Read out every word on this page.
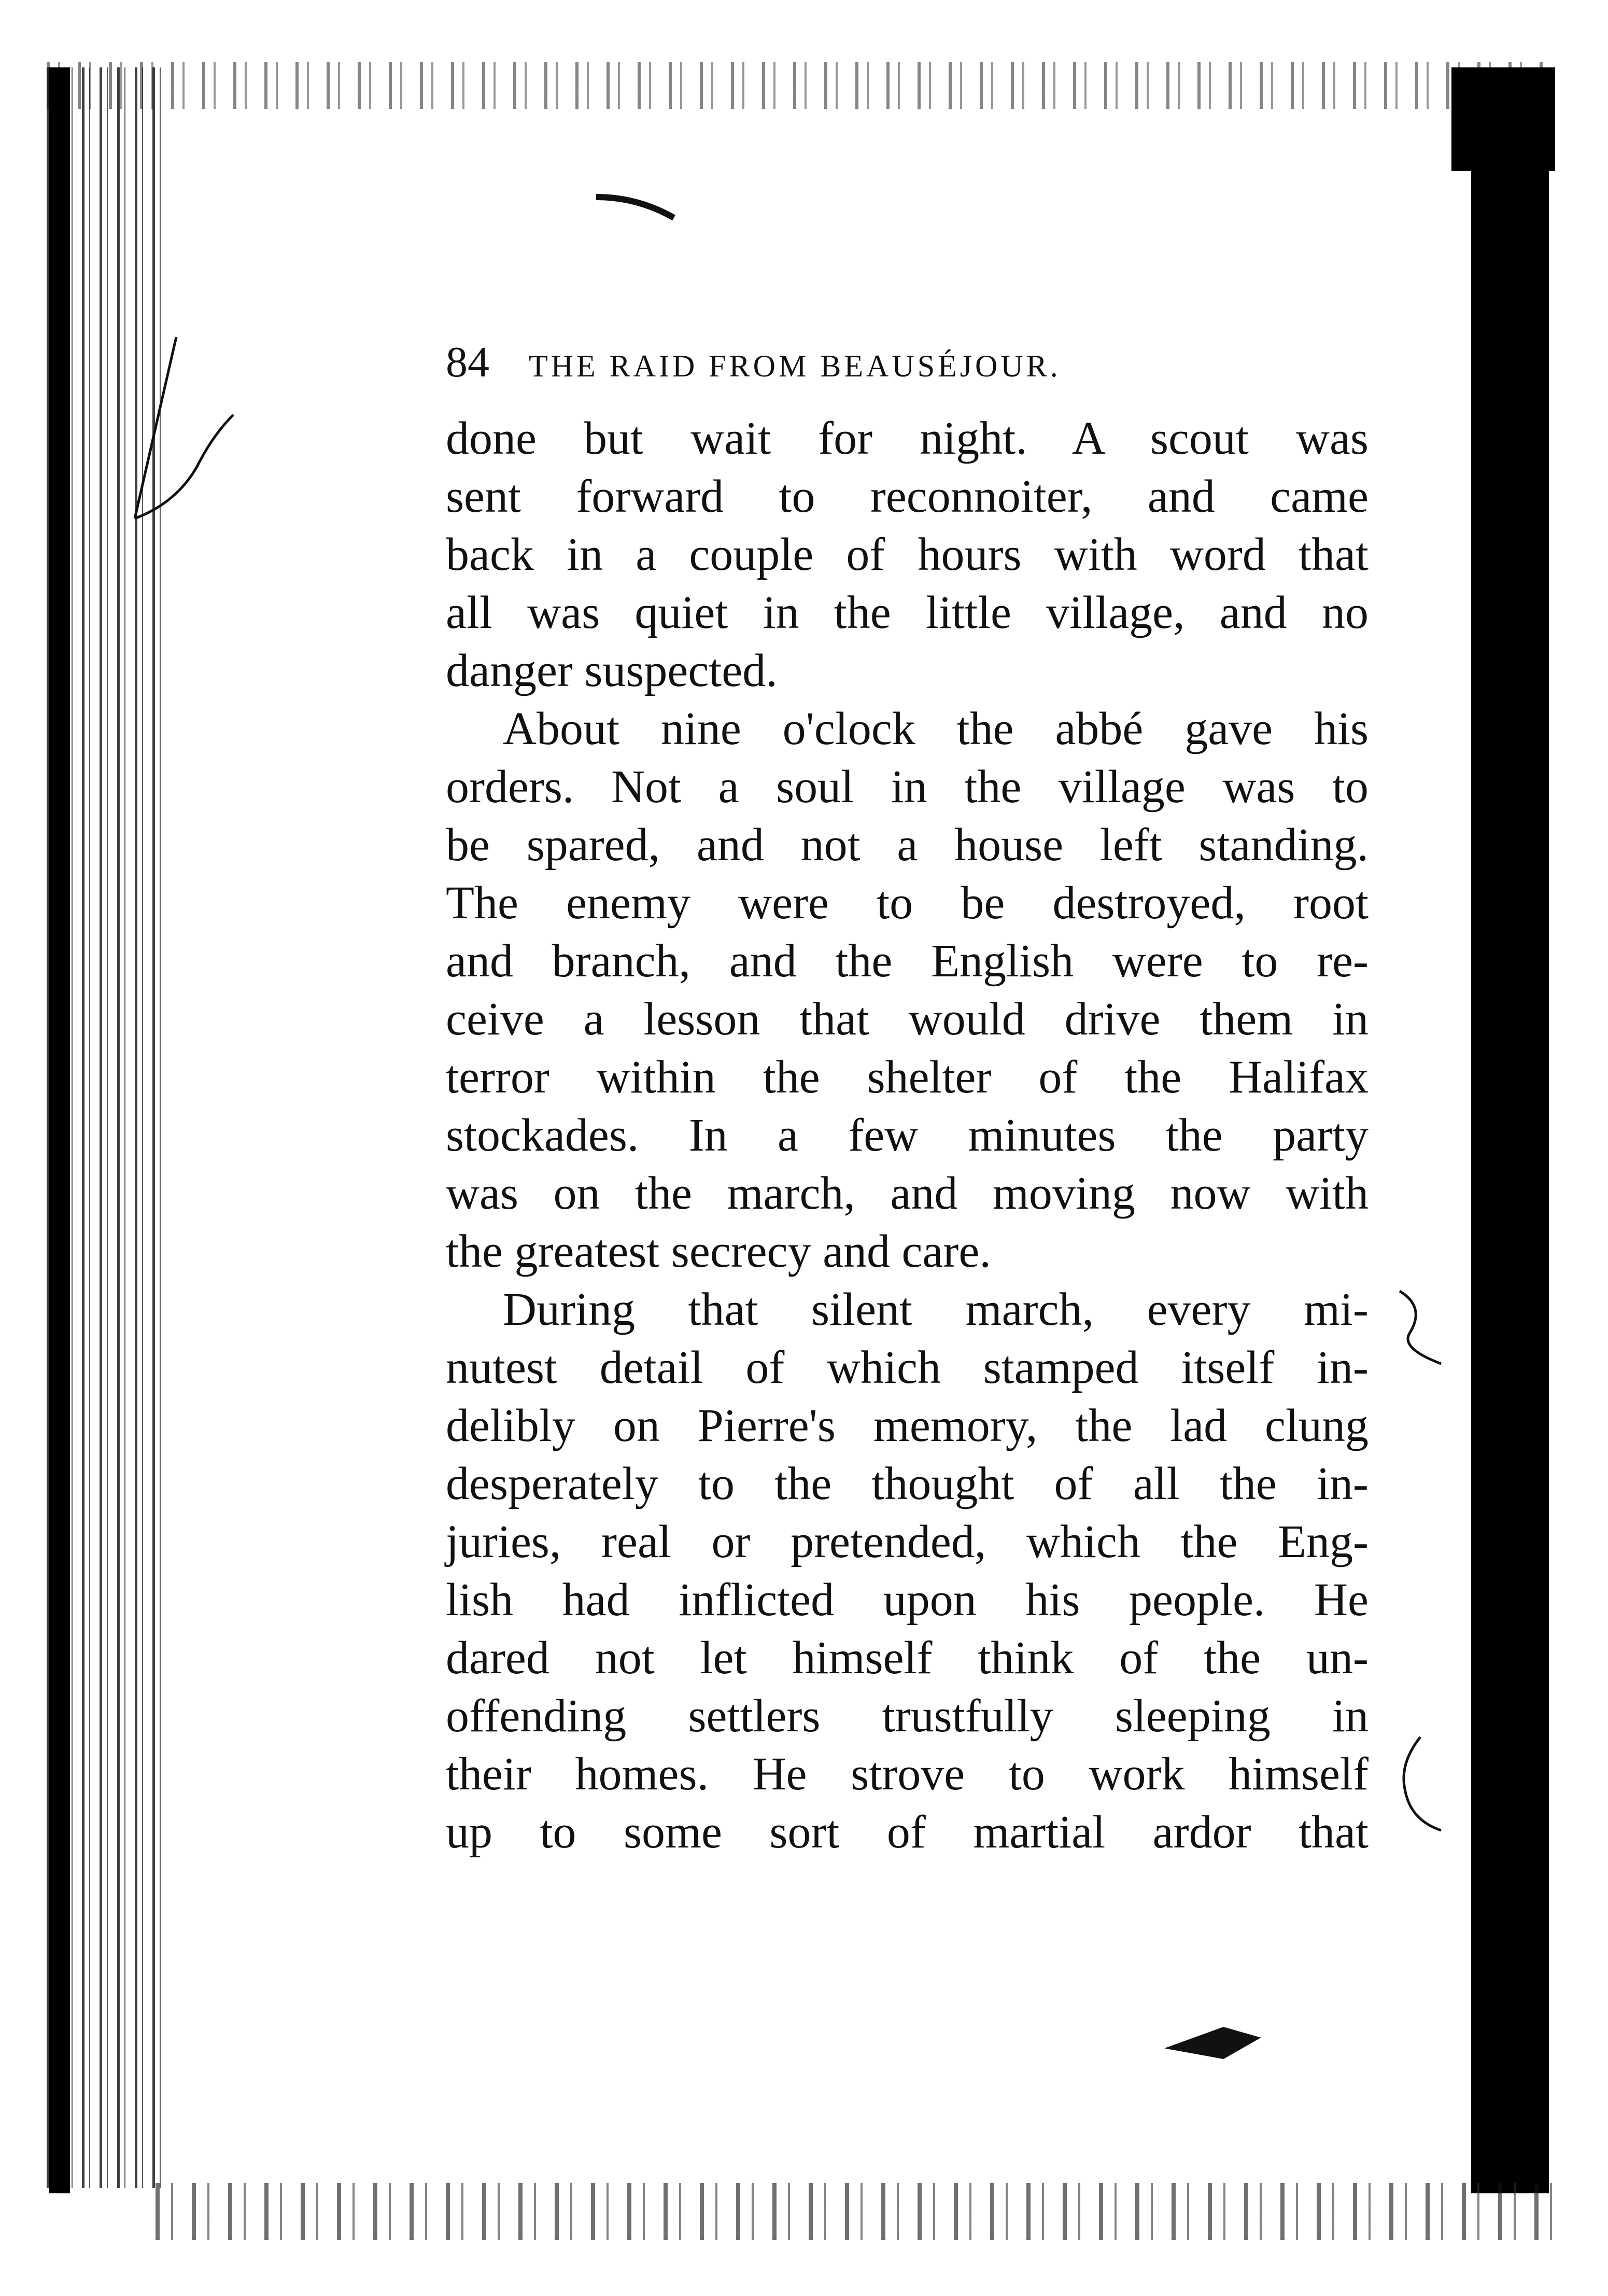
84 THE RAID FROM BEAUSÉJOUR.
done but wait for night. A scout was
sent forward to reconnoiter, and came
back in a couple of hours with word that
all was quiet in the little village, and no
danger suspected.
About nine o'clock the abbé gave his
orders. Not a soul in the village was to
be spared, and not a house left standing.
The enemy were to be destroyed, root
and branch, and the English were to re-
ceive a lesson that would drive them in
terror within the shelter of the Halifax
stockades. In a few minutes the party
was on the march, and moving now with
the greatest secrecy and care.
During that silent march, every mi-
nutest detail of which stamped itself in-
delibly on Pierre's memory, the lad clung
desperately to the thought of all the in-
juries, real or pretended, which the Eng-
lish had inflicted upon his people. He
dared not let himself think of the un-
offending settlers trustfully sleeping in
their homes. He strove to work himself
up to some sort of martial ardor that
